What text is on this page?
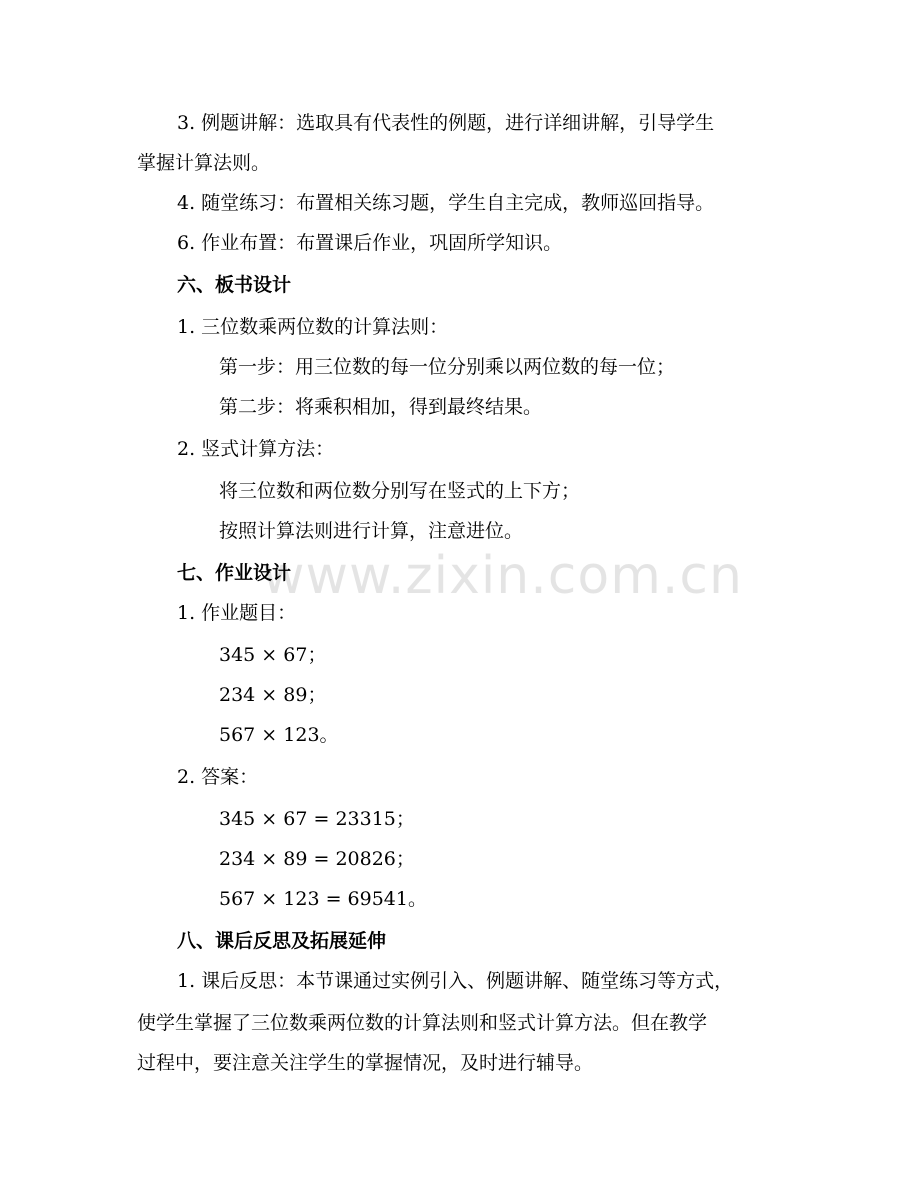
3. 例题讲解：选取具有代表性的例题，进行详细讲解，引导学生
掌握计算法则。
4. 随堂练习：布置相关练习题，学生自主完成，教师巡回指导。
6. 作业布置：布置课后作业，巩固所学知识。
六、板书设计
1. 三位数乘两位数的计算法则：
第一步：用三位数的每一位分别乘以两位数的每一位；
第二步：将乘积相加，得到最终结果。
2. 竖式计算方法：
将三位数和两位数分别写在竖式的上下方；
按照计算法则进行计算，注意进位。
七、作业设计
1. 作业题目：
345 × 67；
234 × 89；
567 × 123。
2. 答案：
345 × 67 = 23315；
234 × 89 = 20826；
567 × 123 = 69541。
八、课后反思及拓展延伸
1. 课后反思：本节课通过实例引入、例题讲解、随堂练习等方式，
使学生掌握了三位数乘两位数的计算法则和竖式计算方法。但在教学
过程中，要注意关注学生的掌握情况，及时进行辅导。
www.zixin.com.cn
